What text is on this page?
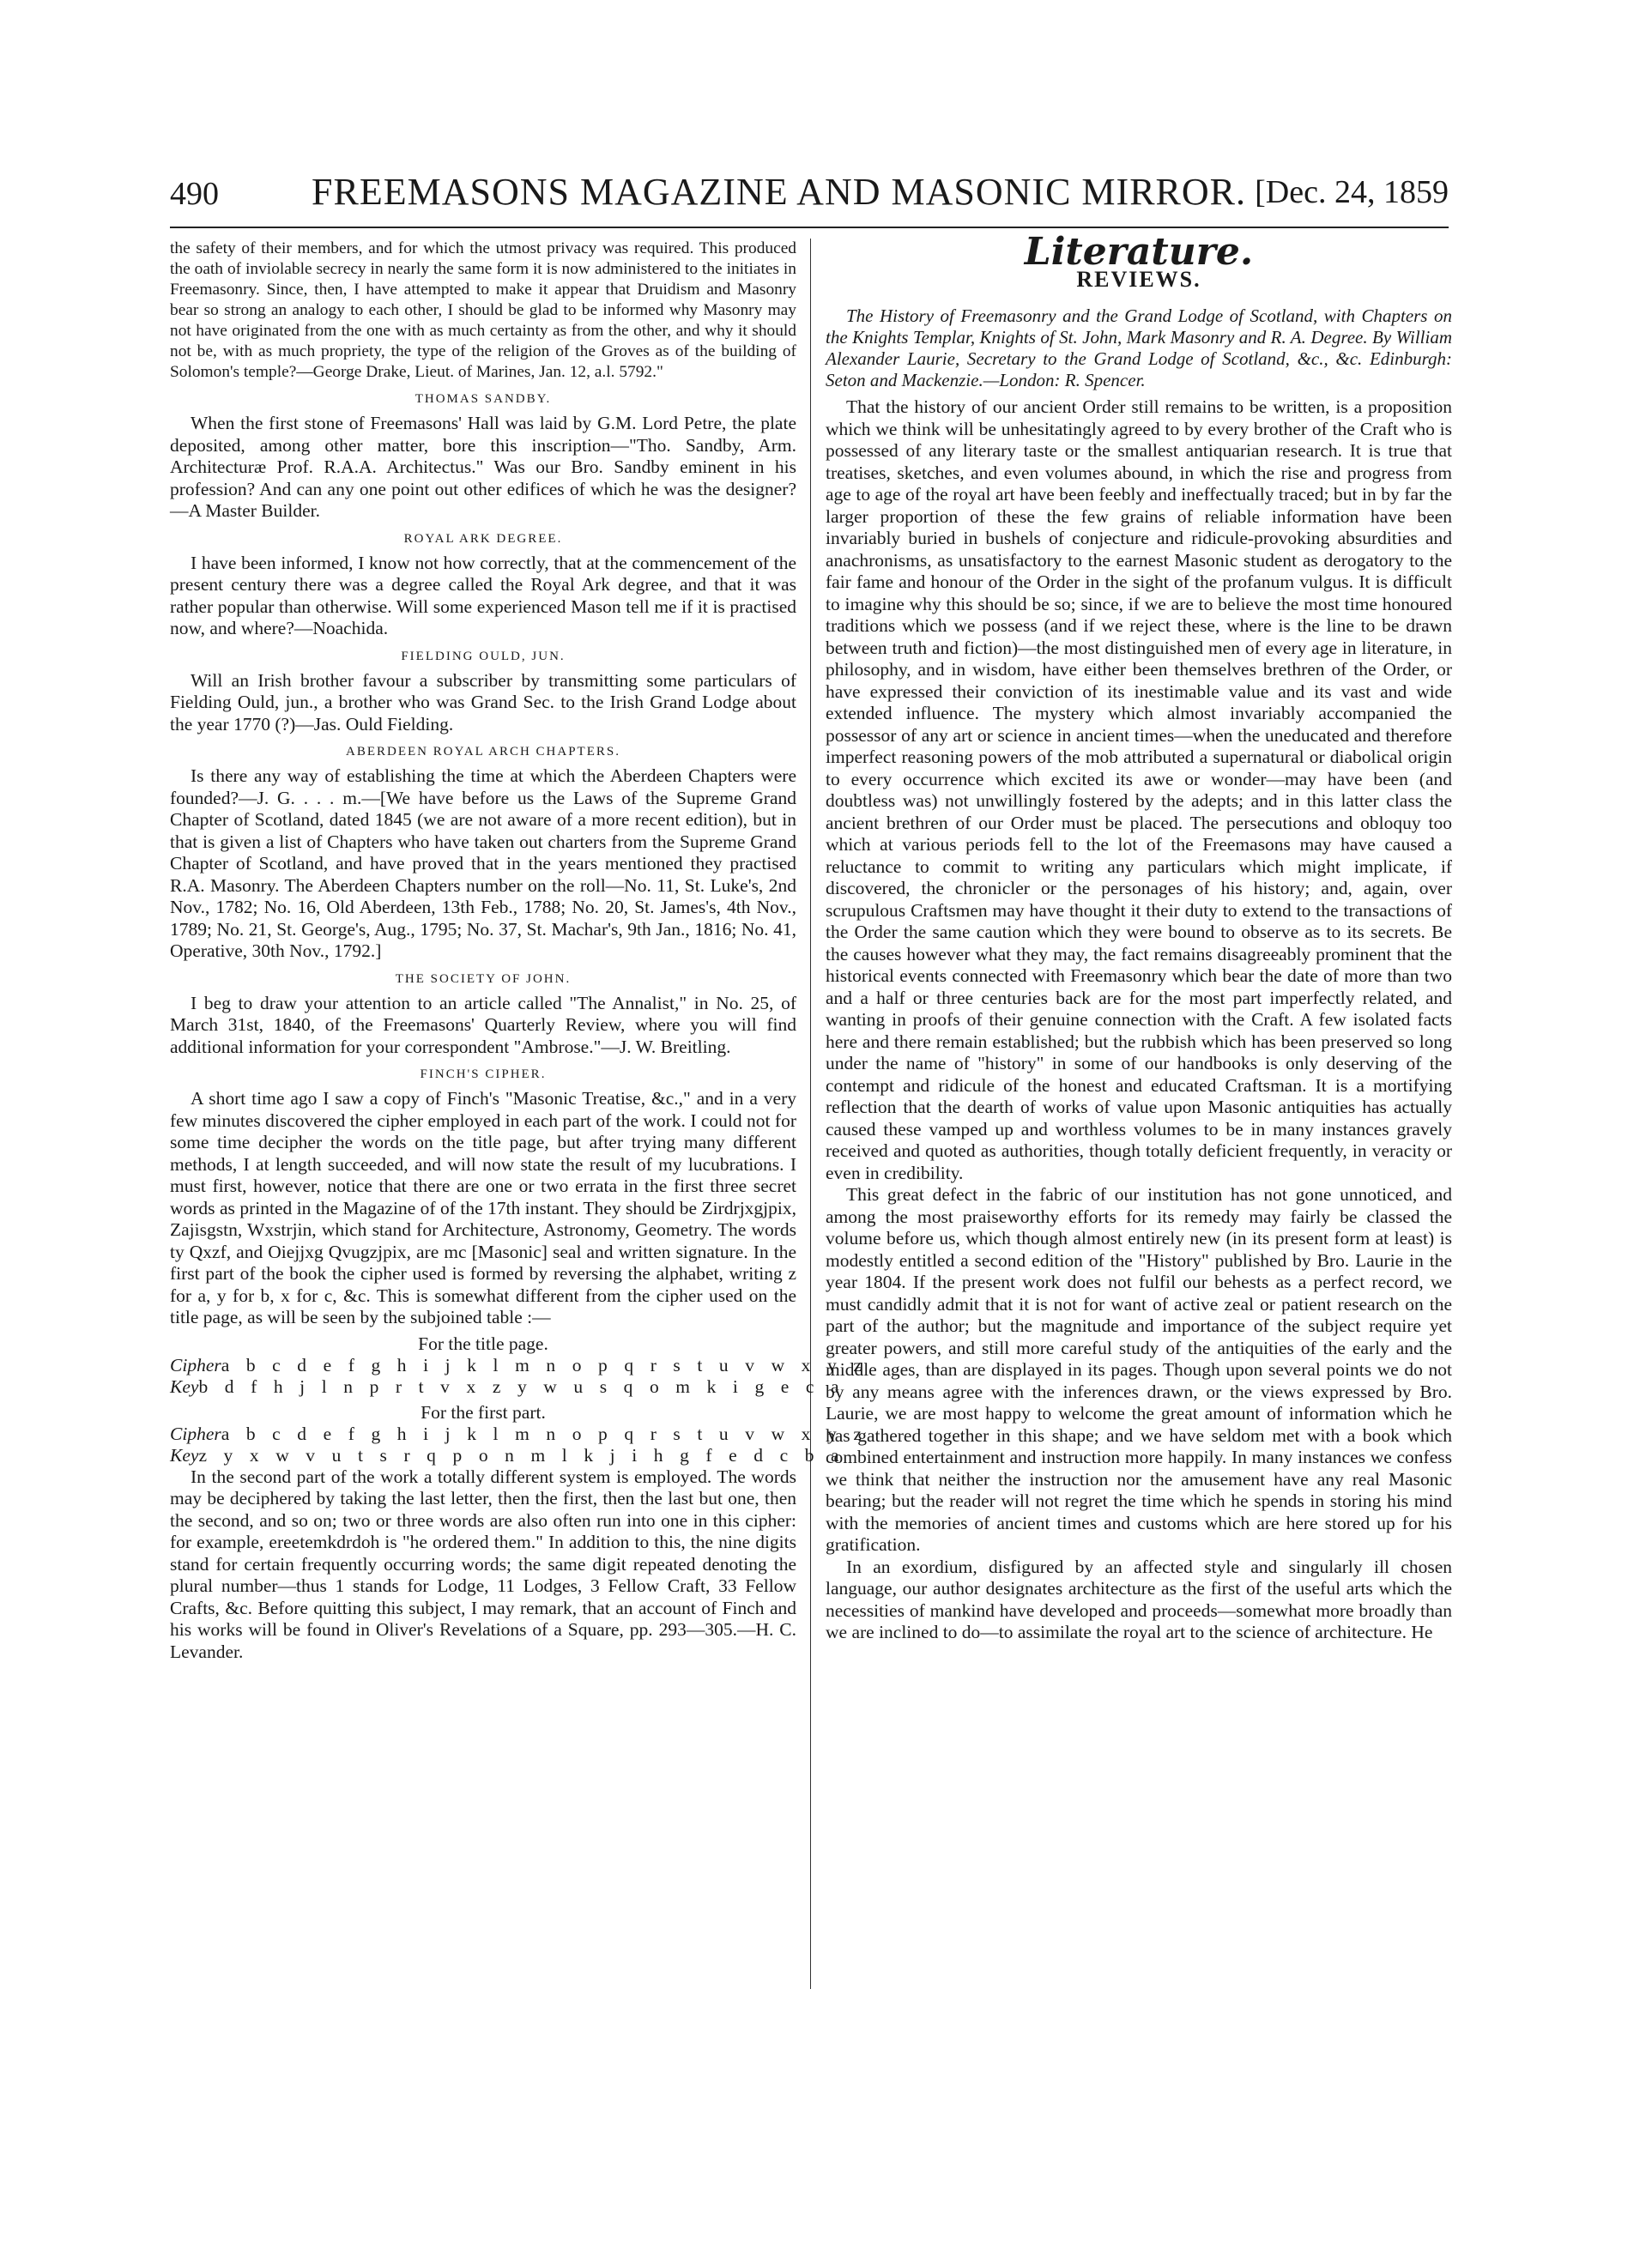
490 FREEMASONS MAGAZINE AND MASONIC MIRROR. [Dec. 24, 1859

the safety of their members, and for which the utmost privacy was required. This produced the oath of inviolable secrecy in nearly the same form it is now administered to the initiates in Freemasonry. Since, then, I have attempted to make it appear that Druidism and Masonry bear so strong an analogy to each other, I should be glad to be informed why Masonry may not have originated from the one with as much certainty as from the other, and why it should not be, with as much propriety, the type of the religion of the Groves as of the building of Solomon's temple?—George Drake, Lieut. of Marines, Jan. 12, a.l. 5792."

THOMAS SANDBY.

When the first stone of Freemasons' Hall was laid by G.M. Lord Petre, the plate deposited, among other matter, bore this inscription—"Tho. Sandby, Arm. Architecturæ Prof. R.A.A. Architectus." Was our Bro. Sandby eminent in his profession? And can any one point out other edifices of which he was the designer?—A Master Builder.

ROYAL ARK DEGREE.

I have been informed, I know not how correctly, that at the commencement of the present century there was a degree called the Royal Ark degree, and that it was rather popular than otherwise. Will some experienced Mason tell me if it is practised now, and where?—Noachida.

FIELDING OULD, JUN.

Will an Irish brother favour a subscriber by transmitting some particulars of Fielding Ould, jun., a brother who was Grand Sec. to the Irish Grand Lodge about the year 1770 (?)—Jas. Ould Fielding.

ABERDEEN ROYAL ARCH CHAPTERS.

Is there any way of establishing the time at which the Aberdeen Chapters were founded?—J. G. . . . m.—[We have before us the Laws of the Supreme Grand Chapter of Scotland, dated 1845 (we are not aware of a more recent edition), but in that is given a list of Chapters who have taken out charters from the Supreme Grand Chapter of Scotland, and have proved that in the years mentioned they practised R.A. Masonry. The Aberdeen Chapters number on the roll—No. 11, St. Luke's, 2nd Nov., 1782; No. 16, Old Aberdeen, 13th Feb., 1788; No. 20, St. James's, 4th Nov., 1789; No. 21, St. George's, Aug., 1795; No. 37, St. Machar's, 9th Jan., 1816; No. 41, Operative, 30th Nov., 1792.]

THE SOCIETY OF JOHN.

I beg to draw your attention to an article called "The Annalist," in No. 25, of March 31st, 1840, of the Freemasons' Quarterly Review, where you will find additional information for your correspondent "Ambrose."—J. W. Breitling.

FINCH'S CIPHER.

A short time ago I saw a copy of Finch's "Masonic Treatise, &c.," and in a very few minutes discovered the cipher employed in each part of the work. I could not for some time decipher the words on the title page, but after trying many different methods, I at length succeeded, and will now state the result of my lucubrations. I must first, however, notice that there are one or two errata in the first three secret words as printed in the Magazine of of the 17th instant. They should be Zirdrjxgjpix, Zajisgstn, Wxstrjin, which stand for Architecture, Astronomy, Geometry. The words ty Qxzf, and Oiejjxg Qvugzjpix, are mc [Masonic] seal and written signature. In the first part of the book the cipher used is formed by reversing the alphabet, writing z for a, y for b, x for c, &c. This is somewhat different from the cipher used on the title page, as will be seen by the subjoined table :—

For the title page.
Cipher a b c d e f g h i j k l m n o p q r s t u v w x y z
Key b d f h j l n p r t v x z y w u s q o m k i g e c a
For the first part.
Cipher a b c d e f g h i j k l m n o p q r s t u v w x y z
Key z y x w v u t s r q p o n m l k j i h g f e d c b a

In the second part of the work a totally different system is employed. The words may be deciphered by taking the last letter, then the first, then the last but one, then the second, and so on; two or three words are also often run into one in this cipher: for example, ereetemkdrdoh is "he ordered them." In addition to this, the nine digits stand for certain frequently occurring words; the same digit repeated denoting the plural number—thus 1 stands for Lodge, 11 Lodges, 3 Fellow Craft, 33 Fellow Crafts, &c. Before quitting this subject, I may remark, that an account of Finch and his works will be found in Oliver's Revelations of a Square, pp. 293—305.—H. C. Levander.

Literature.
REVIEWS.

The History of Freemasonry and the Grand Lodge of Scotland, with Chapters on the Knights Templar, Knights of St. John, Mark Masonry and R. A. Degree. By William Alexander Laurie, Secretary to the Grand Lodge of Scotland, &c., &c. Edinburgh: Seton and Mackenzie.—London: R. Spencer.

That the history of our ancient Order still remains to be written, is a proposition which we think will be unhesitatingly agreed to by every brother of the Craft who is possessed of any literary taste or the smallest antiquarian research. It is true that treatises, sketches, and even volumes abound, in which the rise and progress from age to age of the royal art have been feebly and ineffectually traced; but in by far the larger proportion of these the few grains of reliable information have been invariably buried in bushels of conjecture and ridicule-provoking absurdities and anachronisms, as unsatisfactory to the earnest Masonic student as derogatory to the fair fame and honour of the Order in the sight of the profanum vulgus. It is difficult to imagine why this should be so; since, if we are to believe the most time honoured traditions which we possess (and if we reject these, where is the line to be drawn between truth and fiction)—the most distinguished men of every age in literature, in philosophy, and in wisdom, have either been themselves brethren of the Order, or have expressed their conviction of its inestimable value and its vast and wide extended influence. The mystery which almost invariably accompanied the possessor of any art or science in ancient times—when the uneducated and therefore imperfect reasoning powers of the mob attributed a supernatural or diabolical origin to every occurrence which excited its awe or wonder—may have been (and doubtless was) not unwillingly fostered by the adepts; and in this latter class the ancient brethren of our Order must be placed. The persecutions and obloquy too which at various periods fell to the lot of the Freemasons may have caused a reluctance to commit to writing any particulars which might implicate, if discovered, the chronicler or the personages of his history; and, again, over scrupulous Craftsmen may have thought it their duty to extend to the transactions of the Order the same caution which they were bound to observe as to its secrets. Be the causes however what they may, the fact remains disagreeably prominent that the historical events connected with Freemasonry which bear the date of more than two and a half or three centuries back are for the most part imperfectly related, and wanting in proofs of their genuine connection with the Craft. A few isolated facts here and there remain established; but the rubbish which has been preserved so long under the name of "history" in some of our handbooks is only deserving of the contempt and ridicule of the honest and educated Craftsman. It is a mortifying reflection that the dearth of works of value upon Masonic antiquities has actually caused these vamped up and worthless volumes to be in many instances gravely received and quoted as authorities, though totally deficient frequently, in veracity or even in credibility.

This great defect in the fabric of our institution has not gone unnoticed, and among the most praiseworthy efforts for its remedy may fairly be classed the volume before us, which though almost entirely new (in its present form at least) is modestly entitled a second edition of the "History" published by Bro. Laurie in the year 1804. If the present work does not fulfil our behests as a perfect record, we must candidly admit that it is not for want of active zeal or patient research on the part of the author; but the magnitude and importance of the subject require yet greater powers, and still more careful study of the antiquities of the early and the middle ages, than are displayed in its pages. Though upon several points we do not by any means agree with the inferences drawn, or the views expressed by Bro. Laurie, we are most happy to welcome the great amount of information which he has gathered together in this shape; and we have seldom met with a book which combined entertainment and instruction more happily. In many instances we confess we think that neither the instruction nor the amusement have any real Masonic bearing; but the reader will not regret the time which he spends in storing his mind with the memories of ancient times and customs which are here stored up for his gratification.

In an exordium, disfigured by an affected style and singularly ill chosen language, our author designates architecture as the first of the useful arts which the necessities of mankind have developed and proceeds—somewhat more broadly than we are inclined to do—to assimilate the royal art to the science of architecture. He
